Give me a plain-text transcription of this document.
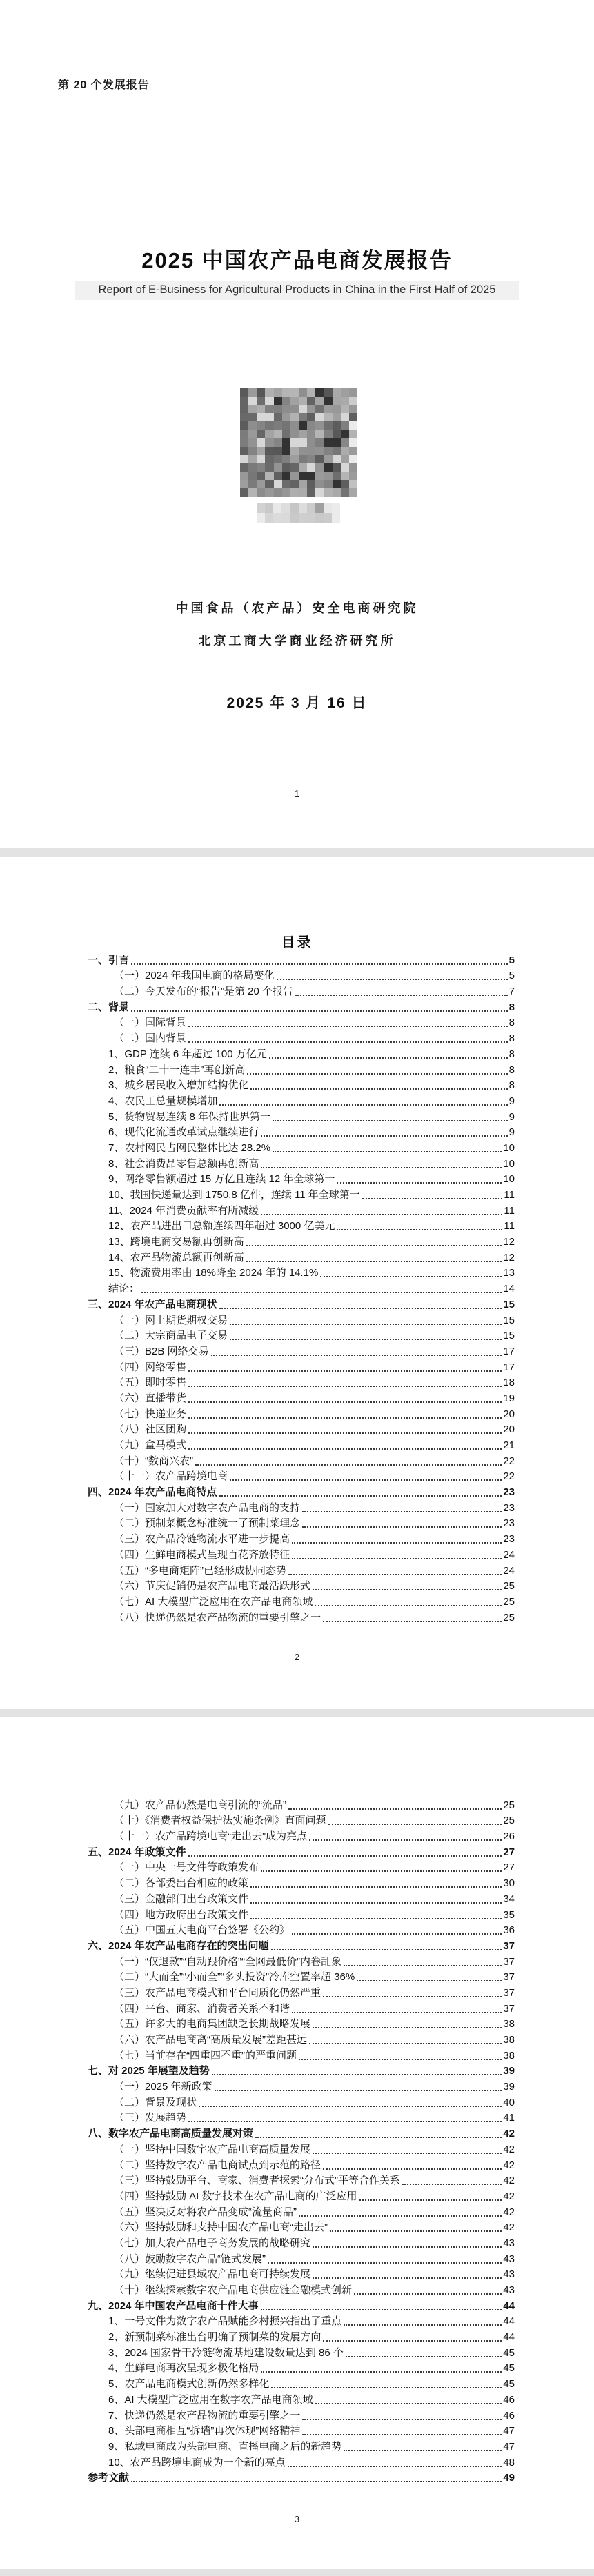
第 20 个发展报告
2025 中国农产品电商发展报告
Report of E-Business for Agricultural Products in China in the First Half of 2025
中国食品（农产品）安全电商研究院
北京工商大学商业经济研究所
2025 年 3 月 16 日
1
目录
一、引言	5
（一）2024 年我国电商的格局变化	5
（二）今天发布的“报告”是第 20 个报告	7
二、背景	8
（一）国际背景	8
（二）国内背景	8
1、GDP 连续 6 年超过 100 万亿元	8
2、粮食“二十一连丰”再创新高	8
3、城乡居民收入增加结构优化	8
4、农民工总量规模增加	9
5、货物贸易连续 8 年保持世界第一	9
6、现代化流通改革试点继续进行	9
7、农村网民占网民整体比达 28.2%	10
8、社会消费品零售总额再创新高	10
9、网络零售额超过 15 万亿且连续 12 年全球第一	10
10、我国快递量达到 1750.8 亿件，连续 11 年全球第一	11
11、2024 年消费贡献率有所减缓	11
12、农产品进出口总额连续四年超过 3000 亿美元	11
13、跨境电商交易额再创新高	12
14、农产品物流总额再创新高	12
15、物流费用率由 18%降至 2024 年的 14.1%	13
结论：	14
三、2024 年农产品电商现状	15
（一）网上期货期权交易	15
（二）大宗商品电子交易	15
（三）B2B 网络交易	17
（四）网络零售	17
（五）即时零售	18
（六）直播带货	19
（七）快递业务	20
（八）社区团购	20
（九）盒马模式	21
（十）“数商兴农”	22
（十一）农产品跨境电商	22
四、2024 年农产品电商特点	23
（一）国家加大对数字农产品电商的支持	23
（二）预制菜概念标准统一了预制菜理念	23
（三）农产品冷链物流水平进一步提高	23
（四）生鲜电商模式呈现百花齐放特征	24
（五）“多电商矩阵”已经形成协同态势	24
（六）节庆促销仍是农产品电商最活跃形式	25
（七）AI 大模型广泛应用在农产品电商领域	25
（八）快递仍然是农产品物流的重要引擎之一	25
2
（九）农产品仍然是电商引流的“流品”	25
（十）《消费者权益保护法实施条例》直面问题	25
（十一）农产品跨境电商“走出去”成为亮点	26
五、2024 年政策文件	27
（一）中央一号文件等政策发布	27
（二）各部委出台相应的政策	30
（三）金融部门出台政策文件	34
（四）地方政府出台政策文件	35
（五）中国五大电商平台签署《公约》	36
六、2024 年农产品电商存在的突出问题	37
（一）“仅退款”“自动跟价格”“全网最低价”内卷乱象	37
（二）“大而全”“小而全”“多头投资”冷库空置率超 36%	37
（三）农产品电商模式和平台同质化仍然严重	37
（四）平台、商家、消费者关系不和谐	37
（五）许多大的电商集团缺乏长期战略发展	38
（六）农产品电商离“高质量发展”差距甚远	38
（七）当前存在“四重四不重”的严重问题	38
七、对 2025 年展望及趋势	39
（一）2025 年新政策	39
（二）背景及现状	40
（三）发展趋势	41
八、数字农产品电商高质量发展对策	42
（一）坚持中国数字农产品电商高质量发展	42
（二）坚持数字农产品电商试点到示范的路径	42
（三）坚持鼓励平台、商家、消费者探索“分布式”平等合作关系	42
（四）坚持鼓励 AI 数字技术在农产品电商的广泛应用	42
（五）坚决反对将农产品变成“流量商品”	42
（六）坚持鼓励和支持中国农产品电商“走出去”	42
（七）加大农产品电子商务发展的战略研究	43
（八）鼓励数字农产品“链式发展”	43
（九）继续促进县域农产品电商可持续发展	43
（十）继续探索数字农产品电商供应链金融模式创新	43
九、2024 年中国农产品电商十件大事	44
1、一号文件为数字农产品赋能乡村振兴指出了重点	44
2、新预制菜标准出台明确了预制菜的发展方向	44
3、2024 国家骨干冷链物流基地建设数量达到 86 个	45
4、生鲜电商再次呈现多极化格局	45
5、农产品电商模式创新仍然多样化	45
6、AI 大模型广泛应用在数字农产品电商领域	46
7、快递仍然是农产品物流的重要引擎之一	46
8、头部电商相互“拆墙”再次体现”网络精神	47
9、私域电商成为头部电商、直播电商之后的新趋势	47
10、农产品跨境电商成为一个新的亮点	48
参考文献	49
3
